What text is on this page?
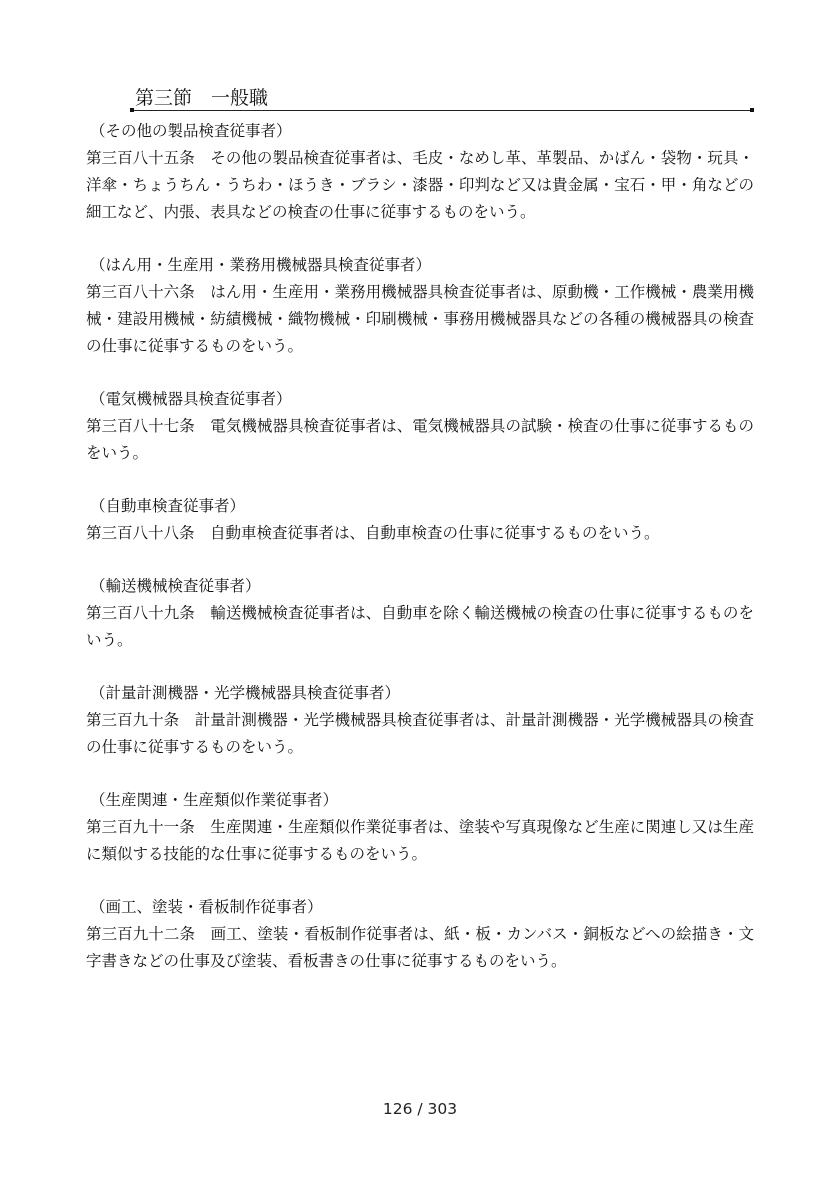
第三節　一般職

（その他の製品検査従事者）

第三百八十五条　その他の製品検査従事者は、毛皮・なめし革、革製品、かばん・袋物・玩具・洋傘・ちょうちん・うちわ・ほうき・ブラシ・漆器・印判など又は貴金属・宝石・甲・角などの細工など、内張、表具などの検査の仕事に従事するものをいう。

（はん用・生産用・業務用機械器具検査従事者）

第三百八十六条　はん用・生産用・業務用機械器具検査従事者は、原動機・工作機械・農業用機械・建設用機械・紡績機械・織物機械・印刷機械・事務用機械器具などの各種の機械器具の検査の仕事に従事するものをいう。

（電気機械器具検査従事者）

第三百八十七条　電気機械器具検査従事者は、電気機械器具の試験・検査の仕事に従事するものをいう。

（自動車検査従事者）

第三百八十八条　自動車検査従事者は、自動車検査の仕事に従事するものをいう。

（輸送機械検査従事者）

第三百八十九条　輸送機械検査従事者は、自動車を除く輸送機械の検査の仕事に従事するものをいう。

（計量計測機器・光学機械器具検査従事者）

第三百九十条　計量計測機器・光学機械器具検査従事者は、計量計測機器・光学機械器具の検査の仕事に従事するものをいう。

（生産関連・生産類似作業従事者）

第三百九十一条　生産関連・生産類似作業従事者は、塗装や写真現像など生産に関連し又は生産に類似する技能的な仕事に従事するものをいう。

（画工、塗装・看板制作従事者）

第三百九十二条　画工、塗装・看板制作従事者は、紙・板・カンバス・銅板などへの絵描き・文字書きなどの仕事及び塗装、看板書きの仕事に従事するものをいう。

126 / 303
